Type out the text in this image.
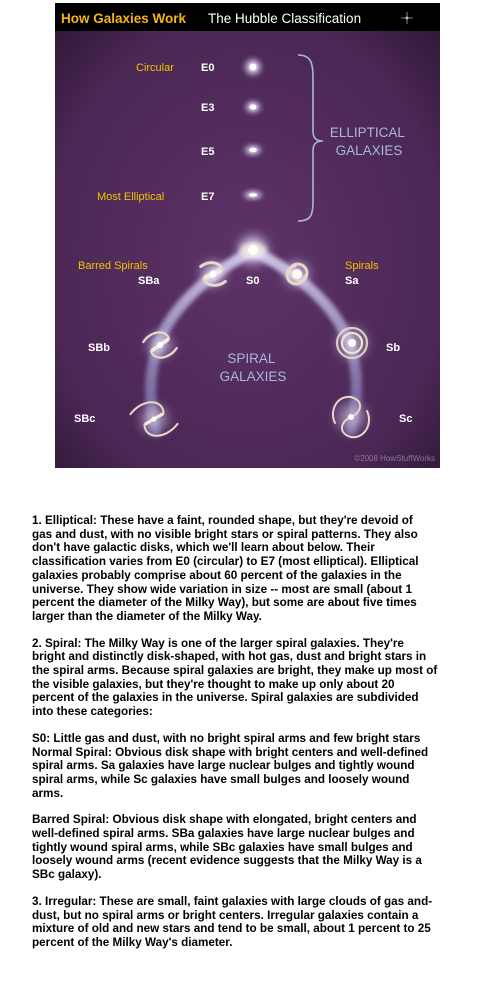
How Galaxies Work The Hubble Classification
E0
E3
E5
E7
Circular
Most Elliptical
Barred Spirals	Spirals
ELLIPTICAL GALAXIES
SPIRAL GALAXIES
S0
SBa
SBb
SBc
Sa
Sb
Sc
©2008 HowStuffWorks

1. Elliptical: These have a faint, rounded shape, but they're devoid of
gas and dust, with no visible bright stars or spiral patterns. They also
don't have galactic disks, which we'll learn about below. Their
classification varies from E0 (circular) to E7 (most elliptical). Elliptical
galaxies probably comprise about 60 percent of the galaxies in the
universe. They show wide variation in size -- most are small (about 1
percent the diameter of the Milky Way), but some are about five times
larger than the diameter of the Milky Way.

2. Spiral: The Milky Way is one of the larger spiral galaxies. They're
bright and distinctly disk-shaped, with hot gas, dust and bright stars in
the spiral arms. Because spiral galaxies are bright, they make up most of
the visible galaxies, but they're thought to make up only about 20
percent of the galaxies in the universe. Spiral galaxies are subdivided
into these categories:

S0: Little gas and dust, with no bright spiral arms and few bright stars
Normal Spiral: Obvious disk shape with bright centers and well-defined
spiral arms. Sa galaxies have large nuclear bulges and tightly wound
spiral arms, while Sc galaxies have small bulges and loosely wound
arms.

Barred Spiral: Obvious disk shape with elongated, bright centers and
well-defined spiral arms. SBa galaxies have large nuclear bulges and
tightly wound spiral arms, while SBc galaxies have small bulges and
loosely wound arms (recent evidence suggests that the Milky Way is a
SBc galaxy).

3. Irregular: These are small, faint galaxies with large clouds of gas and-
dust, but no spiral arms or bright centers. Irregular galaxies contain a
mixture of old and new stars and tend to be small, about 1 percent to 25
percent of the Milky Way's diameter.
